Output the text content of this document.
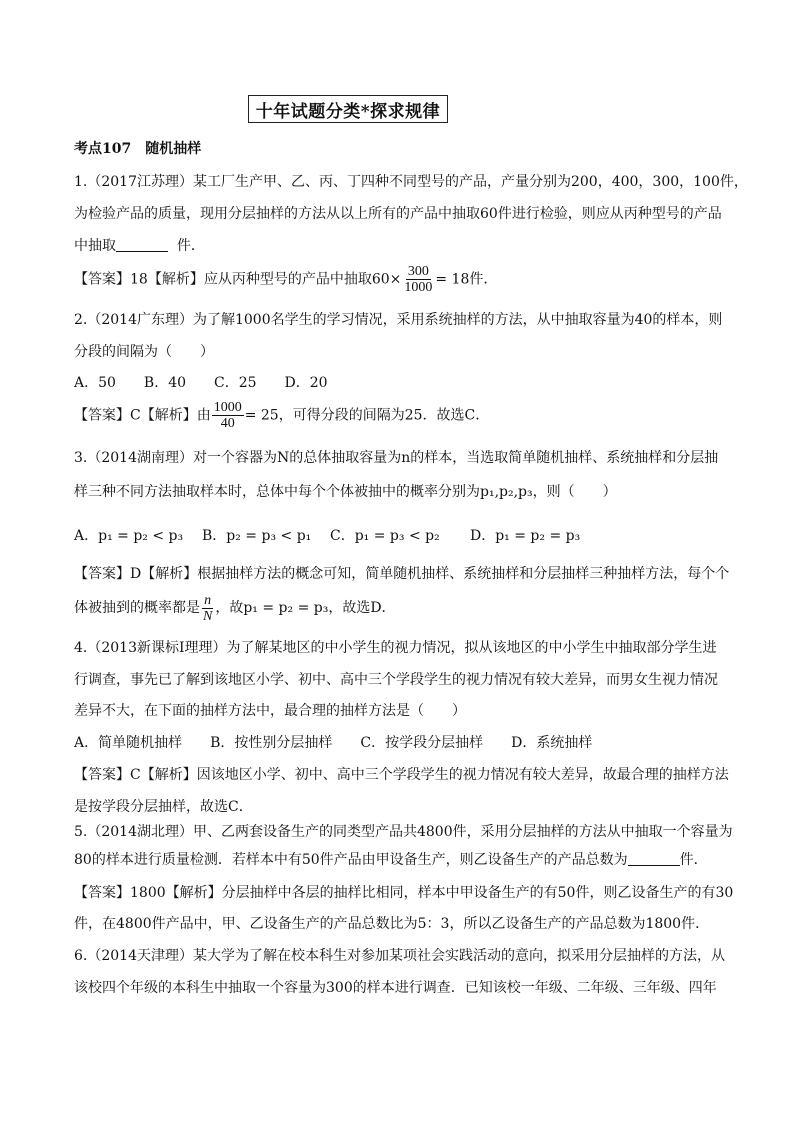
十年试题分类*探求规律
考点107　随机抽样
1.（2017江苏理）某工厂生产甲、乙、丙、丁四种不同型号的产品，产量分别为200，400，300，100件，
为检验产品的质量，现用分层抽样的方法从以上所有的产品中抽取60件进行检验，则应从丙种型号的产品
中抽取	件．
【答案】18【解析】应从丙种型号的产品中抽取$60\times \frac{300}{1000} = 18$件．
2.（2014广东理）为了解1000名学生的学习情况，采用系统抽样的方法，从中抽取容量为40的样本，则
分段的间隔为（　　）
A．50　　B．40　　C．25　　D．20
【答案】C【解析】由 $\frac{1000}{40} = 25$，可得分段的间隔为25．故选C．
3.（2014湖南理）对一个容器为N的总体抽取容量为n的样本，当选取简单随机抽样、系统抽样和分层抽
样三种不同方法抽取样本时，总体中每个个体被抽中的概率分别为p₁,p₂,p₃，则（　　）
A．p₁ = p₂ < p₃ B．p₂ = p₃ < p₁ C．p₁ = p₃ < p₂ D．p₁ = p₂ = p₃
【答案】D【解析】根据抽样方法的概念可知，简单随机抽样、系统抽样和分层抽样三种抽样方法，每个个
体被抽到的概率都是 $\frac{n}{N}$ ，故p₁ = p₂ = p₃，故选D．
4.（2013新课标Ⅰ理理）为了解某地区的中小学生的视力情况，拟从该地区的中小学生中抽取部分学生进
行调查，事先已了解到该地区小学、初中、高中三个学段学生的视力情况有较大差异，而男女生视力情况
差异不大，在下面的抽样方法中，最合理的抽样方法是（　　）
A．简单随机抽样　　B．按性别分层抽样　　C．按学段分层抽样　　D．系统抽样
【答案】C【解析】因该地区小学、初中、高中三个学段学生的视力情况有较大差异，故最合理的抽样方法
是按学段分层抽样，故选C．
5.（2014湖北理）甲、乙两套设备生产的同类型产品共4800件，采用分层抽样的方法从中抽取一个容量为
80的样本进行质量检测．若样本中有50件产品由甲设备生产，则乙设备生产的产品总数为	件．
【答案】1800【解析】分层抽样中各层的抽样比相同，样本中甲设备生产的有50件，则乙设备生产的有30
件，在4800件产品中，甲、乙设备生产的产品总数比为5：3，所以乙设备生产的产品总数为1800件．
6.（2014天津理）某大学为了解在校本科生对参加某项社会实践活动的意向，拟采用分层抽样的方法，从
该校四个年级的本科生中抽取一个容量为300的样本进行调查．已知该校一年级、二年级、三年级、四年
